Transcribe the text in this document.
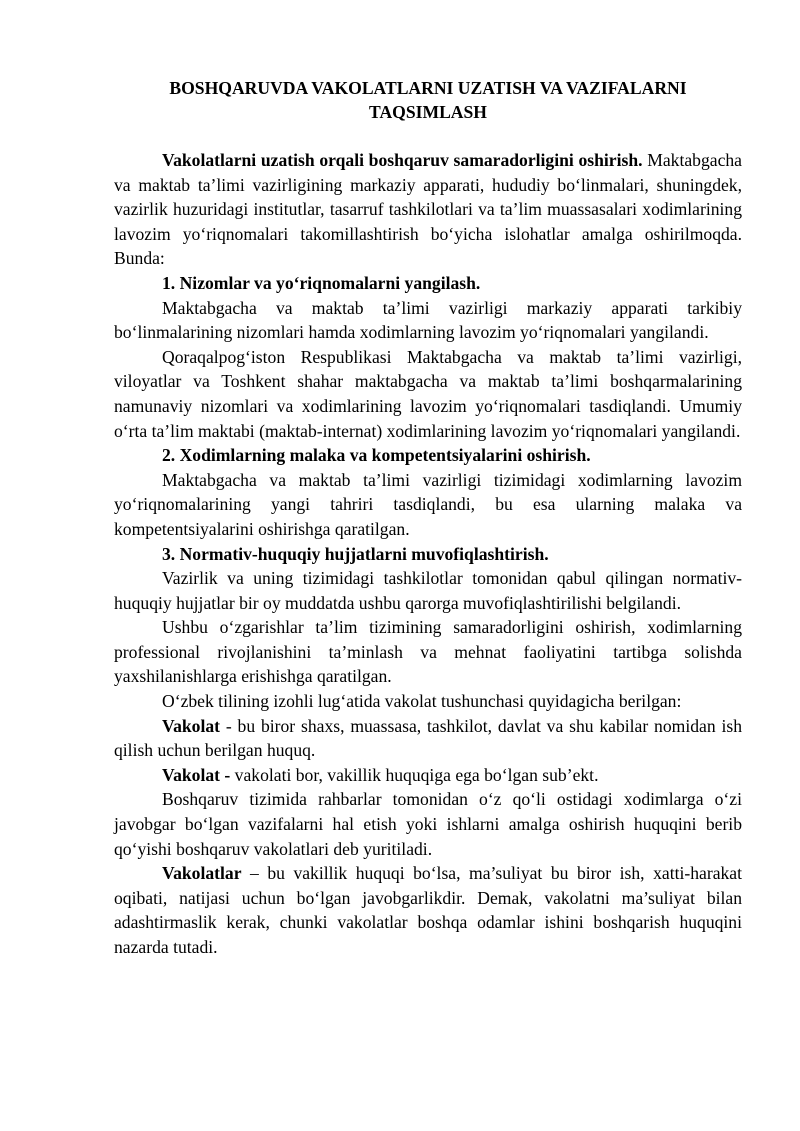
BOSHQARUVDA VAKOLATLARNI UZATISH VA VAZIFALARNI
TAQSIMLASH

Vakolatlarni uzatish orqali boshqaruv samaradorligini oshirish. Maktabgacha va maktab ta’limi vazirligining markaziy apparati, hududiy bo‘linmalari, shuningdek, vazirlik huzuridagi institutlar, tasarruf tashkilotlari va ta’lim muassasalari xodimlarining lavozim yo‘riqnomalari takomillashtirish bo‘yicha islohatlar amalga oshirilmoqda. Bunda:

1. Nizomlar va yo‘riqnomalarni yangilash.

Maktabgacha va maktab ta’limi vazirligi markaziy apparati tarkibiy bo‘linmalarining nizomlari hamda xodimlarning lavozim yo‘riqnomalari yangilandi.

Qoraqalpog‘iston Respublikasi Maktabgacha va maktab ta’limi vazirligi, viloyatlar va Toshkent shahar maktabgacha va maktab ta’limi boshqarmalarining namunaviy nizomlari va xodimlarining lavozim yo‘riqnomalari tasdiqlandi. Umumiy o‘rta ta’lim maktabi (maktab-internat) xodimlarining lavozim yo‘riqnomalari yangilandi.

2. Xodimlarning malaka va kompetentsiyalarini oshirish.

Maktabgacha va maktab ta’limi vazirligi tizimidagi xodimlarning lavozim yo‘riqnomalarining yangi tahriri tasdiqlandi, bu esa ularning malaka va kompetentsiyalarini oshirishga qaratilgan.

3. Normativ-huquqiy hujjatlarni muvofiqlashtirish.

Vazirlik va uning tizimidagi tashkilotlar tomonidan qabul qilingan normativ-huquqiy hujjatlar bir oy muddatda ushbu qarorga muvofiqlashtirilishi belgilandi.

Ushbu o‘zgarishlar ta’lim tizimining samaradorligini oshirish, xodimlarning professional rivojlanishini ta’minlash va mehnat faoliyatini tartibga solishda yaxshilanishlarga erishishga qaratilgan.

O‘zbek tilining izohli lug‘atida vakolat tushunchasi quyidagicha berilgan:

Vakolat - bu biror shaxs, muassasa, tashkilot, davlat va shu kabilar nomidan ish qilish uchun berilgan huquq.

Vakolat - vakolati bor, vakillik huquqiga ega bo‘lgan sub’ekt.

Boshqaruv tizimida rahbarlar tomonidan o‘z qo‘li ostidagi xodimlarga o‘zi javobgar bo‘lgan vazifalarni hal etish yoki ishlarni amalga oshirish huquqini berib qo‘yishi boshqaruv vakolatlari deb yuritiladi.

Vakolatlar – bu vakillik huquqi bo‘lsa, ma’suliyat bu biror ish, xatti-harakat oqibati, natijasi uchun bo‘lgan javobgarlikdir. Demak, vakolatni ma’suliyat bilan adashtirmaslik kerak, chunki vakolatlar boshqa odamlar ishini boshqarish huquqini nazarda tutadi.
